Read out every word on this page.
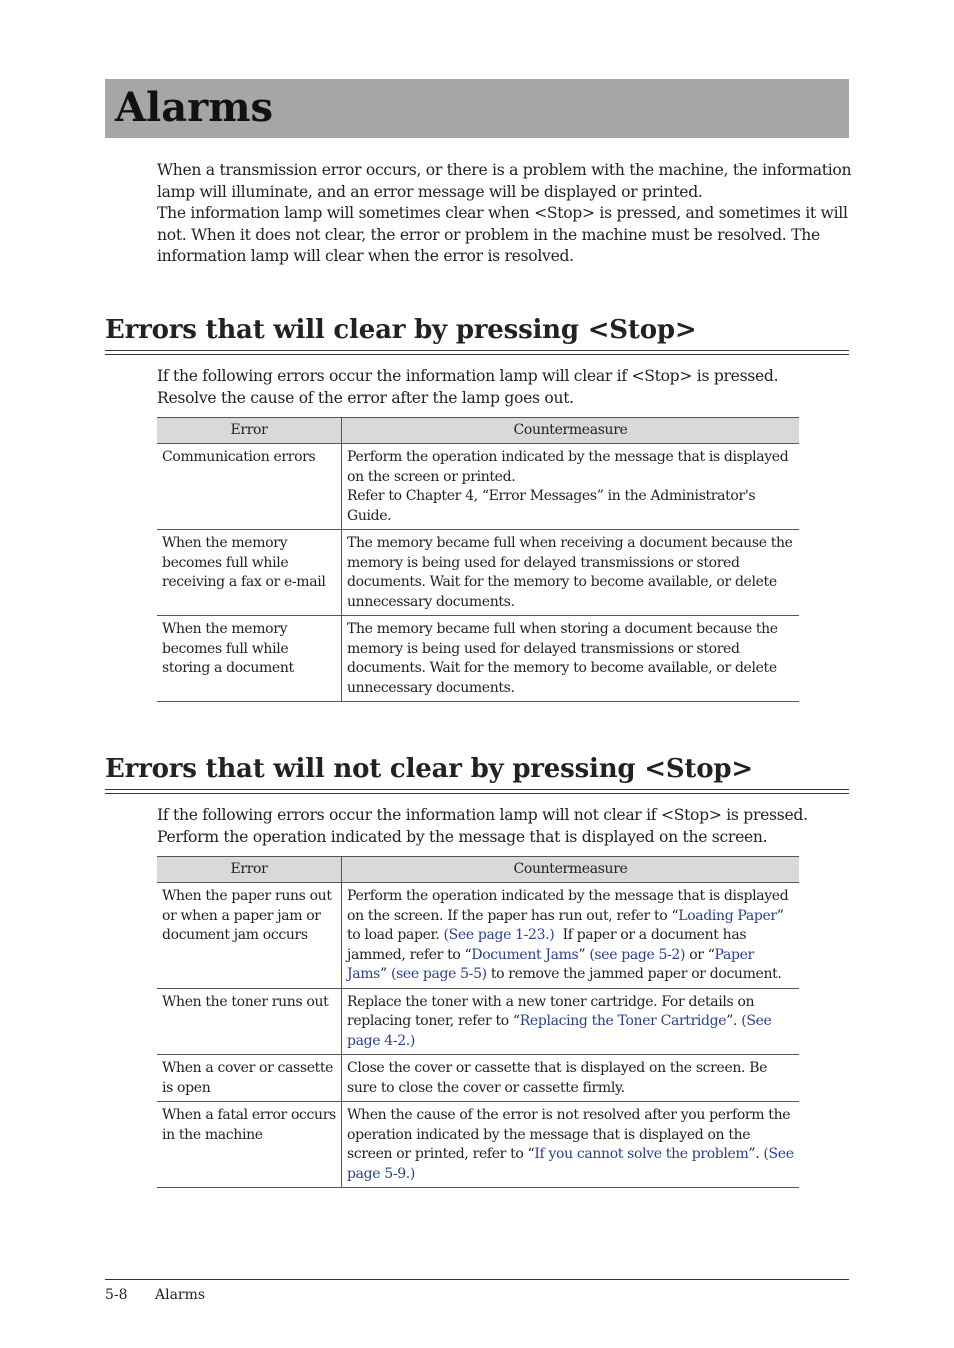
Alarms

When a transmission error occurs, or there is a problem with the machine, the information lamp will illuminate, and an error message will be displayed or printed.

The information lamp will sometimes clear when <Stop> is pressed, and sometimes it will not. When it does not clear, the error or problem in the machine must be resolved. The information lamp will clear when the error is resolved.

Errors that will clear by pressing <Stop>

If the following errors occur the information lamp will clear if <Stop> is pressed.

Resolve the cause of the error after the lamp goes out.

Error	Countermeasure
Communication errors	Perform the operation indicated by the message that is displayed on the screen or printed.

Refer to Chapter 4, “Error Messages” in the Administrator's Guide.

When the memory becomes full while receiving a fax or e-mail	The memory became full when receiving a document because the memory is being used for delayed transmissions or stored documents. Wait for the memory to become available, or delete unnecessary documents.
When the memory becomes full while storing a document	The memory became full when storing a document because the memory is being used for delayed transmissions or stored documents. Wait for the memory to become available, or delete unnecessary documents.
Errors that will not clear by pressing <Stop>

If the following errors occur the information lamp will not clear if <Stop> is pressed.

Perform the operation indicated by the message that is displayed on the screen.

Error	Countermeasure
When the paper runs out or when a paper jam or document jam occurs	Perform the operation indicated by the message that is displayed on the screen. If the paper has run out, refer to “Loading Paper” to load paper. (See page 1-23.)  If paper or a document has jammed, refer to “Document Jams” (see page 5-2) or “Paper Jams” (see page 5-5) to remove the jammed paper or document.
When the toner runs out	Replace the toner with a new toner cartridge. For details on replacing toner, refer to “Replacing the Toner Cartridge”. (See page 4-2.)
When a cover or cassette is open	Close the cover or cassette that is displayed on the screen. Be sure to close the cover or cassette firmly.
When a fatal error occurs in the machine	When the cause of the error is not resolved after you perform the operation indicated by the message that is displayed on the screen or printed, refer to “If you cannot solve the problem”. (See page 5-9.)
5-8 Alarms
